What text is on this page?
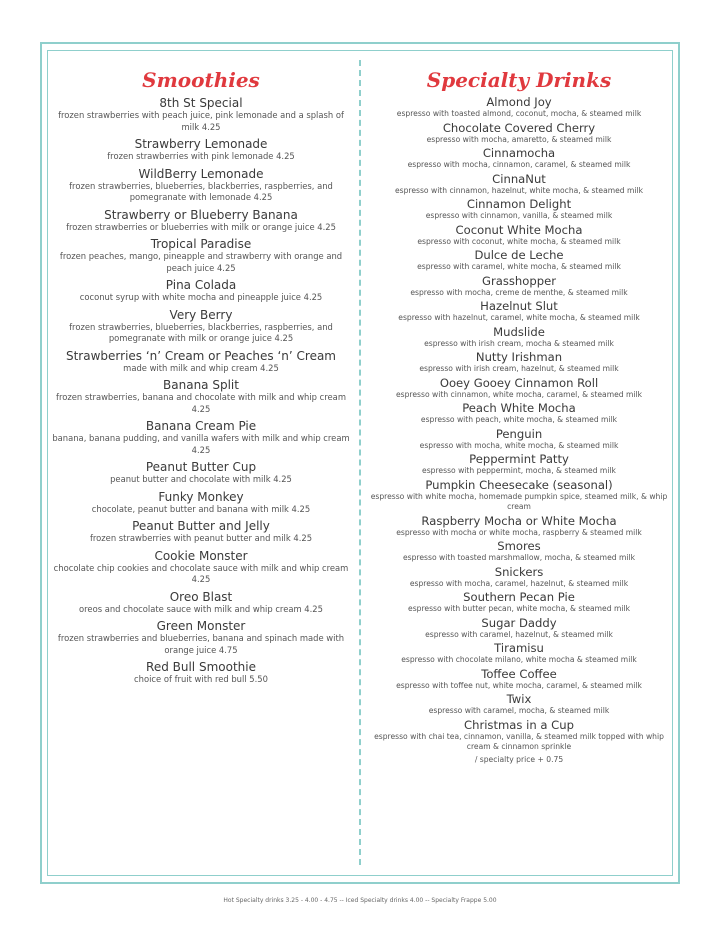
Smoothies
8th St Special
frozen strawberries with peach juice, pink lemonade and a splash of milk 4.25
Strawberry Lemonade
frozen strawberries with pink lemonade 4.25
WildBerry Lemonade
frozen strawberries, blueberries, blackberries, raspberries, and pomegranate with lemonade 4.25
Strawberry or Blueberry Banana
frozen strawberries or blueberries with milk or orange juice 4.25
Tropical Paradise
frozen peaches, mango, pineapple and strawberry with orange and peach juice 4.25
Pina Colada
coconut syrup with white mocha and pineapple juice 4.25
Very Berry
frozen strawberries, blueberries, blackberries, raspberries, and pomegranate with milk or orange juice 4.25
Strawberries ‘n’ Cream or Peaches ‘n’ Cream
made with milk and whip cream 4.25
Banana Split
frozen strawberries, banana and chocolate with milk and whip cream 4.25
Banana Cream Pie
banana, banana pudding, and vanilla wafers with milk and whip cream 4.25
Peanut Butter Cup
peanut butter and chocolate with milk 4.25
Funky Monkey
chocolate, peanut butter and banana with milk 4.25
Peanut Butter and Jelly
frozen strawberries with peanut butter and milk 4.25
Cookie Monster
chocolate chip cookies and chocolate sauce with milk and whip cream 4.25
Oreo Blast
oreos and chocolate sauce with milk and whip cream 4.25
Green Monster
frozen strawberries and blueberries, banana and spinach made with orange juice 4.75
Red Bull Smoothie
choice of fruit with red bull 5.50
Specialty Drinks
Almond Joy
espresso with toasted almond, coconut, mocha, & steamed milk
Chocolate Covered Cherry
espresso with mocha, amaretto, & steamed milk
Cinnamocha
espresso with mocha, cinnamon, caramel, & steamed milk
CinnaNut
espresso with cinnamon, hazelnut, white mocha, & steamed milk
Cinnamon Delight
espresso with cinnamon, vanilla, & steamed milk
Coconut White Mocha
espresso with coconut, white mocha, & steamed milk
Dulce de Leche
espresso with caramel, white mocha, & steamed milk
Grasshopper
espresso with mocha, creme de menthe, & steamed milk
Hazelnut Slut
espresso with hazelnut, caramel, white mocha, & steamed milk
Mudslide
espresso with irish cream, mocha & steamed milk
Nutty Irishman
espresso with irish cream, hazelnut, & steamed milk
Ooey Gooey Cinnamon Roll
espresso with cinnamon, white mocha, caramel, & steamed milk
Peach White Mocha
espresso with peach, white mocha, & steamed milk
Penguin
espresso with mocha, white mocha, & steamed milk
Peppermint Patty
espresso with peppermint, mocha, & steamed milk
Pumpkin Cheesecake (seasonal)
espresso with white mocha, homemade pumpkin spice, steamed milk, & whip cream
Raspberry Mocha or White Mocha
espresso with mocha or white mocha, raspberry & steamed milk
Smores
espresso with toasted marshmallow, mocha, & steamed milk
Snickers
espresso with mocha, caramel, hazelnut, & steamed milk
Southern Pecan Pie
espresso with butter pecan, white mocha, & steamed milk
Sugar Daddy
espresso with caramel, hazelnut, & steamed milk
Tiramisu
espresso with chocolate milano, white mocha & steamed milk
Toffee Coffee
espresso with toffee nut, white mocha, caramel, & steamed milk
Twix
espresso with caramel, mocha, & steamed milk
Christmas in a Cup
espresso with chai tea, cinnamon, vanilla, & steamed milk topped with whip cream & cinnamon sprinkle
/ specialty price + 0.75
Hot Specialty drinks 3.25 - 4.00 - 4.75 -- Iced Specialty drinks 4.00 -- Specialty Frappe 5.00
